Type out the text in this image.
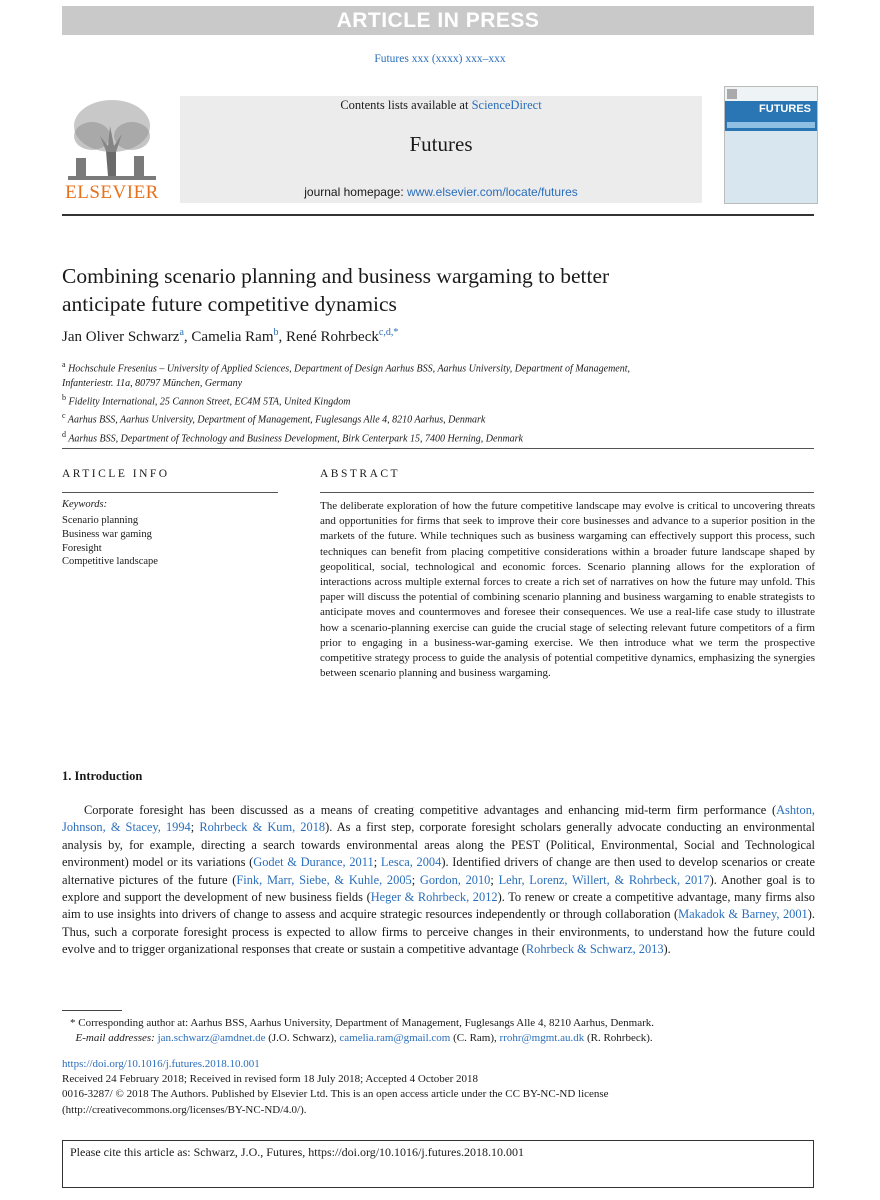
ARTICLE IN PRESS
Futures xxx (xxxx) xxx–xxx
ELSEVIER
Contents lists available at ScienceDirect
Futures
journal homepage: www.elsevier.com/locate/futures
FUTURES
Combining scenario planning and business wargaming to better
anticipate future competitive dynamics
Jan Oliver Schwarz$^a$, Camelia Ram$^b$, René Rohrbeck$^{c,d,*}$
$^a$ Hochschule Fresenius – University of Applied Sciences, Department of Design Aarhus BSS, Aarhus University, Department of Management,
Infanteriestr. 11a, 80797 München, Germany
$^b$ Fidelity International, 25 Cannon Street, EC4M 5TA, United Kingdom
$^c$ Aarhus BSS, Aarhus University, Department of Management, Fuglesangs Alle 4, 8210 Aarhus, Denmark
$^d$ Aarhus BSS, Department of Technology and Business Development, Birk Centerpark 15, 7400 Herning, Denmark
ARTICLE INFO
Keywords:
Scenario planning
Business war gaming
Foresight
Competitive landscape
ABSTRACT
The deliberate exploration of how the future competitive landscape may evolve is critical to uncovering threats and opportunities for firms that seek to improve their core businesses and advance to a superior position in the markets of the future. While techniques such as business wargaming can effectively support this process, such techniques can benefit from placing competitive considerations within a broader future landscape shaped by geopolitical, social, technological and economic forces. Scenario planning allows for the exploration of interactions across multiple external forces to create a rich set of narratives on how the future may unfold. This paper will discuss the potential of combining scenario planning and business wargaming to enable strategists to anticipate moves and countermoves and foresee their consequences. We use a real-life case study to illustrate how a scenario-planning exercise can guide the crucial stage of selecting relevant future competitors of a firm prior to engaging in a business-war-gaming exercise. We then introduce what we term the prospective competitive strategy process to guide the analysis of potential competitive dynamics, emphasizing the synergies between scenario planning and business wargaming.
1. Introduction
Corporate foresight has been discussed as a means of creating competitive advantages and enhancing mid-term firm performance (Ashton, Johnson, & Stacey, 1994; Rohrbeck & Kum, 2018). As a first step, corporate foresight scholars generally advocate conducting an environmental analysis by, for example, directing a search towards environmental areas along the PEST (Political, Environmental, Social and Technological environment) model or its variations (Godet & Durance, 2011; Lesca, 2004). Identified drivers of change are then used to develop scenarios or create alternative pictures of the future (Fink, Marr, Siebe, & Kuhle, 2005; Gordon, 2010; Lehr, Lorenz, Willert, & Rohrbeck, 2017). Another goal is to explore and support the development of new business fields (Heger & Rohrbeck, 2012). To renew or create a competitive advantage, many firms also aim to use insights into drivers of change to assess and acquire strategic resources independently or through collaboration (Makadok & Barney, 2001). Thus, such a corporate foresight process is expected to allow firms to perceive changes in their environments, to understand how the future could evolve and to trigger organizational responses that create or sustain a competitive advantage (Rohrbeck & Schwarz, 2013).
* Corresponding author at: Aarhus BSS, Aarhus University, Department of Management, Fuglesangs Alle 4, 8210 Aarhus, Denmark.
E-mail addresses: jan.schwarz@amdnet.de (J.O. Schwarz), camelia.ram@gmail.com (C. Ram), rrohr@mgmt.au.dk (R. Rohrbeck).
https://doi.org/10.1016/j.futures.2018.10.001
Received 24 February 2018; Received in revised form 18 July 2018; Accepted 4 October 2018
0016-3287/ © 2018 The Authors. Published by Elsevier Ltd. This is an open access article under the CC BY-NC-ND license
(http://creativecommons.org/licenses/BY-NC-ND/4.0/).
Please cite this article as: Schwarz, J.O., Futures, https://doi.org/10.1016/j.futures.2018.10.001
